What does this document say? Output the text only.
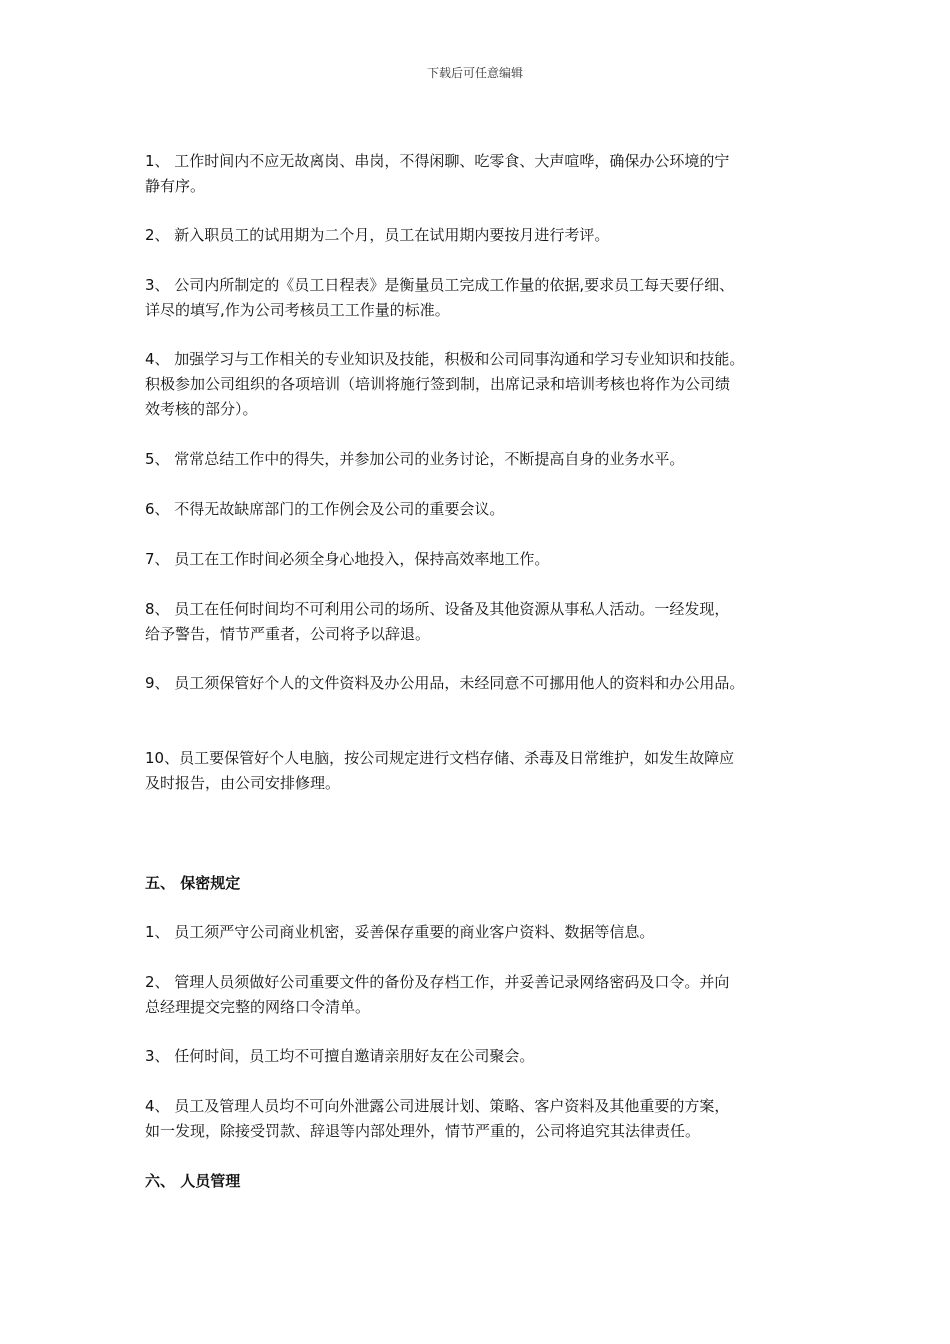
下载后可任意编辑
1、 工作时间内不应无故离岗、串岗，不得闲聊、吃零食、大声喧哗，确保办公环境的宁
静有序。
2、 新入职员工的试用期为二个月，员工在试用期内要按月进行考评。
3、 公司内所制定的《员工日程表》是衡量员工完成工作量的依据,要求员工每天要仔细、
详尽的填写,作为公司考核员工工作量的标准。
4、 加强学习与工作相关的专业知识及技能，积极和公司同事沟通和学习专业知识和技能。
积极参加公司组织的各项培训（培训将施行签到制，出席记录和培训考核也将作为公司绩
效考核的部分）。
5、 常常总结工作中的得失，并参加公司的业务讨论，不断提高自身的业务水平。
6、 不得无故缺席部门的工作例会及公司的重要会议。
7、 员工在工作时间必须全身心地投入，保持高效率地工作。
8、 员工在任何时间均不可利用公司的场所、设备及其他资源从事私人活动。一经发现，
给予警告，情节严重者，公司将予以辞退。
9、 员工须保管好个人的文件资料及办公用品，未经同意不可挪用他人的资料和办公用品。
10、员工要保管好个人电脑，按公司规定进行文档存储、杀毒及日常维护，如发生故障应
及时报告，由公司安排修理。
五、 保密规定
1、 员工须严守公司商业机密，妥善保存重要的商业客户资料、数据等信息。
2、 管理人员须做好公司重要文件的备份及存档工作，并妥善记录网络密码及口令。并向
总经理提交完整的网络口令清单。
3、 任何时间，员工均不可擅自邀请亲朋好友在公司聚会。
4、 员工及管理人员均不可向外泄露公司进展计划、策略、客户资料及其他重要的方案，
如一发现，除接受罚款、辞退等内部处理外，情节严重的，公司将追究其法律责任。
六、 人员管理
